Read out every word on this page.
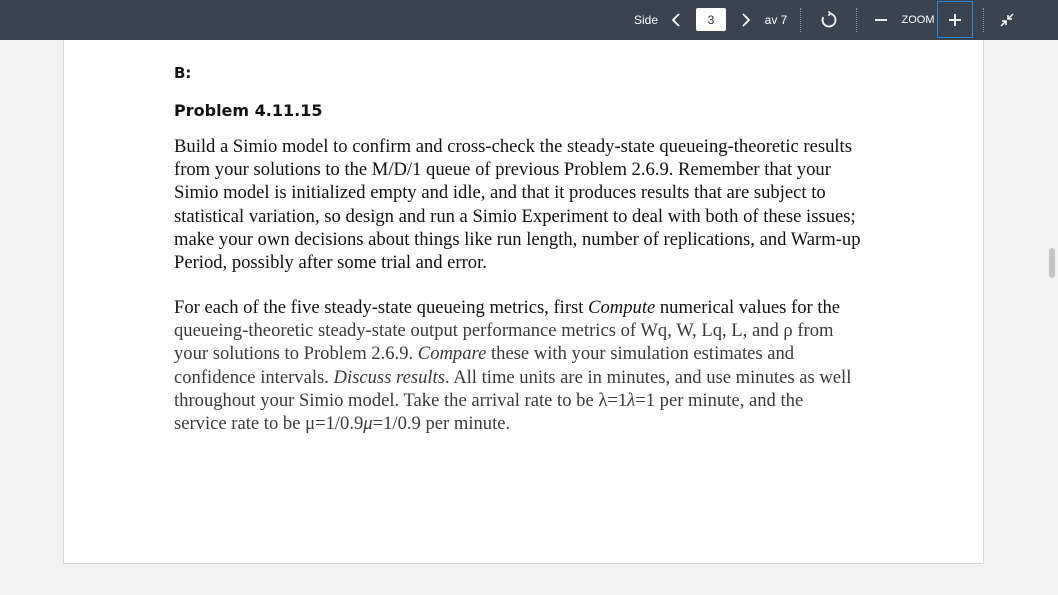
Side
3	av 7	ZOOM
B:
Problem 4.11.15
Build a Simio model to confirm and cross-check the steady-state queueing-theoretic results
from your solutions to the M/D/1 queue of previous Problem 2.6.9. Remember that your
Simio model is initialized empty and idle, and that it produces results that are subject to
statistical variation, so design and run a Simio Experiment to deal with both of these issues;
make your own decisions about things like run length, number of replications, and Warm-up
Period, possibly after some trial and error.
For each of the five steady-state queueing metrics, first Compute numerical values for the
queueing-theoretic steady-state output performance metrics of Wq, W, Lq, L, and ρ from
your solutions to Problem 2.6.9. Compare these with your simulation estimates and
confidence intervals. Discuss results. All time units are in minutes, and use minutes as well
throughout your Simio model. Take the arrival rate to be λ=1λ=1 per minute, and the
service rate to be μ=1/0.9μ=1/0.9 per minute.
